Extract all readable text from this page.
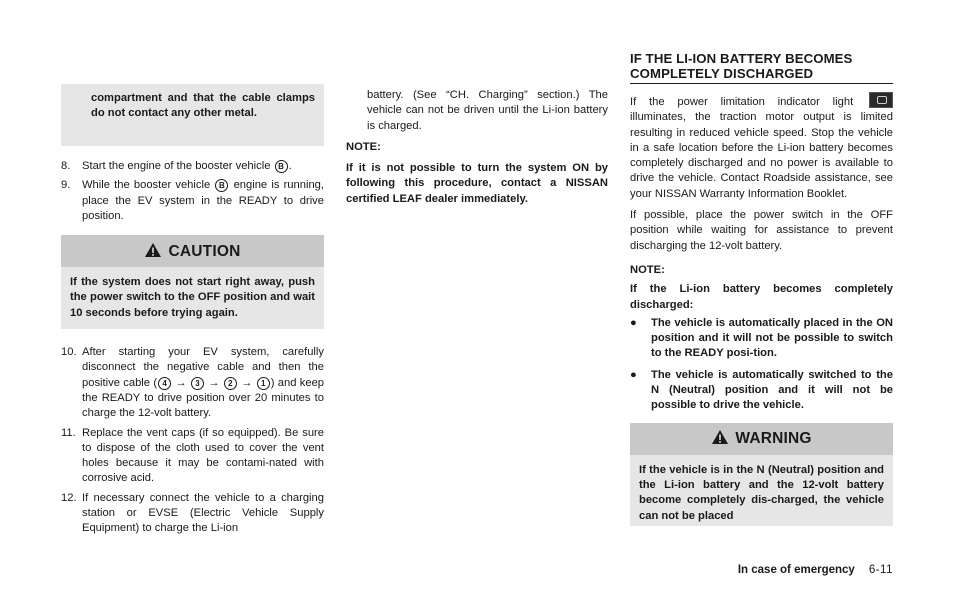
compartment and that the cable clamps do not contact any other metal.
8.	Start the engine of the booster vehicle B .
9.	While the booster vehicle B engine is running, place the EV system in the READY to drive position.
CAUTION
If the system does not start right away, push the power switch to the OFF position and wait 10 seconds before trying again.
10. After starting your EV system, carefully disconnect the negative cable and then the positive cable ( 4 → 3 → 2 → 1 ) and keep the READY to drive position over 20 minutes to charge the 12-volt battery.
11. Replace the vent caps (if so equipped). Be sure to dispose of the cloth used to cover the vent holes because it may be contami-nated with corrosive acid.
12. If necessary connect the vehicle to a charging station or EVSE (Electric Vehicle Supply Equipment) to charge the Li-ion
battery. (See “CH. Charging” section.) The vehicle can not be driven until the Li-ion battery is charged.
NOTE:
If it is not possible to turn the system ON by following this procedure, contact a NISSAN certified LEAF dealer immediately.
IF THE LI-ION BATTERY BECOMES COMPLETELY DISCHARGED
If the power limitation indicator light  illuminates, the traction motor output is limited resulting in reduced vehicle speed. Stop the vehicle in a safe location before the Li-ion battery becomes completely discharged and no power is available to drive the vehicle. Contact Roadside assistance, see your NISSAN Warranty Information Booklet.
If possible, place the power switch in the OFF position while waiting for assistance to prevent discharging the 12-volt battery.
NOTE:
If the Li-ion battery becomes completely discharged:
●	The vehicle is automatically placed in the ON position and it will not be possible to switch to the READY posi-tion.
●	The vehicle is automatically switched to the N (Neutral) position and it will not be possible to drive the vehicle.
WARNING
If the vehicle is in the N (Neutral) position and the Li-ion battery and the 12-volt battery become completely dis-charged, the vehicle can not be placed
In case of emergency 6-11
